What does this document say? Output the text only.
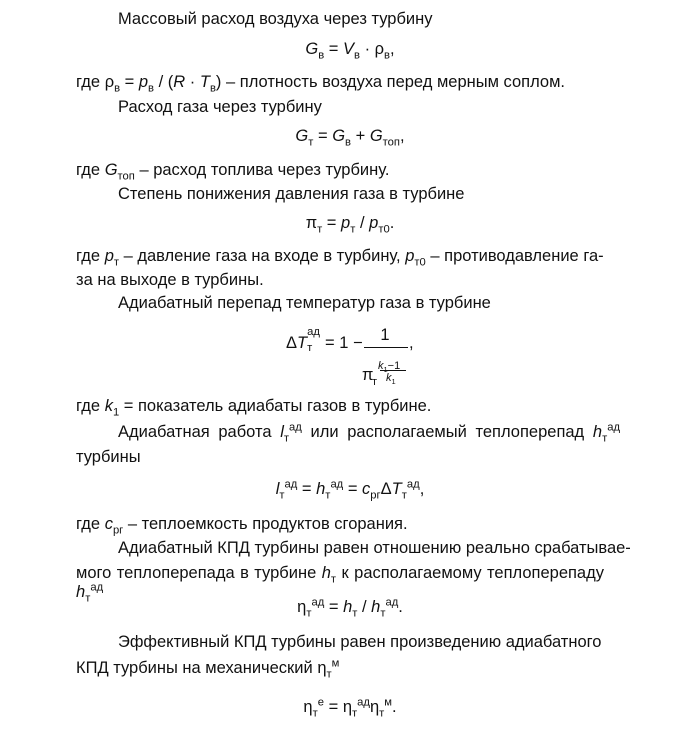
Массовый расход воздуха через турбину
$G_в = V_в \cdot \rho_в$,
где $\rho_в = p_в / (R \cdot T_в)$ – плотность воздуха перед мерным соплом.
Расход газа через турбину
$G_т = G_в + G_{топ}$,
где $G_{топ}$ – расход топлива через турбину.
Степень понижения давления газа в турбине
$\pi_т = p_т / p_{т0}$.
где $p_т$ – давление газа на входе в турбину, $p_{т0}$ – противодавление га-
за на выходе в турбины.
Адиабатный перепад температур газа в турбине
ΔT т
ад
= 1 −	1
$k_1-1$
$k_1$
π
т
,
где $k_1$ = показатель адиабаты газов в турбине.
Адиабатная работа $l_т^{ад}$ или располагаемый теплоперепад $h_т^{ад}$
турбины
$l_т^{ад} = h_т^{ад} = c_{рг}\Delta T_т^{ад}$,
где $c_{рг}$ – теплоемкость продуктов сгорания.
Адиабатный КПД турбины равен отношению реально срабатывае-
мого теплоперепада в турбине $h_т$ к располагаемому теплоперепаду $h_т^{ад}$
$\eta_т^{ад} = h_т / h_т^{ад}$.
Эффективный КПД турбины равен произведению адиабатного
КПД турбины на механический $\eta_т^м$
$\eta_т^е = \eta_т^{ад}\eta_т^м$.
